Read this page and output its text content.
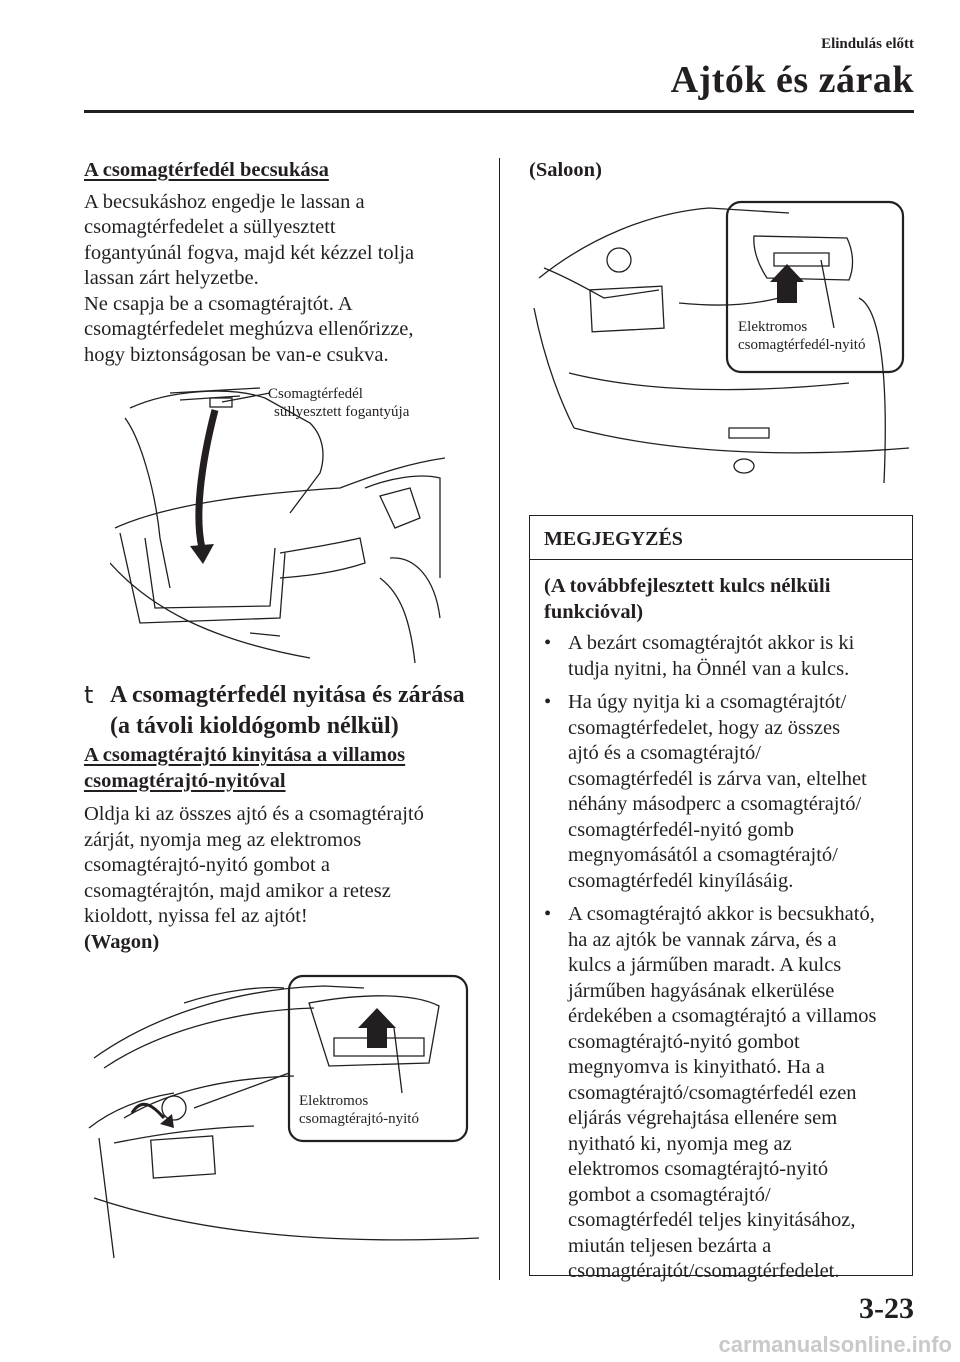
Elindulás előtt
Ajtók és zárak
A csomagtérfedél becsukása
A becsukáshoz engedje le lassan a
csomagtérfedelet a süllyesztett
fogantyúnál fogva, majd két kézzel tolja
lassan zárt helyzetbe.
Ne csapja be a csomagtérajtót. A
csomagtérfedelet meghúzva ellenőrizze,
hogy biztonságosan be van-e csukva.
Csomagtérfedél
süllyesztett fogantyúja
t A csomagtérfedél nyitása és zárása
(a távoli kioldógomb nélkül)
A csomagtérajtó kinyitása a villamos
csomagtérajtó-nyitóval
Oldja ki az összes ajtó és a csomagtérajtó
zárját, nyomja meg az elektromos
csomagtérajtó-nyitó gombot a
csomagtérajtón, majd amikor a retesz
kioldott, nyissa fel az ajtót!
(Wagon)
Elektromos
csomagtérajtó-nyitó
(Saloon)
Elektromos
csomagtérfedél-nyitó
MEGJEGYZÉS
(A továbbfejlesztett kulcs nélküli
funkcióval)
• A bezárt csomagtérajtót akkor is ki
tudja nyitni, ha Önnél van a kulcs.
• Ha úgy nyitja ki a csomagtérajtót/
csomagtérfedelet, hogy az összes
ajtó és a csomagtérajtó/
csomagtérfedél is zárva van, eltelhet
néhány másodperc a csomagtérajtó/
csomagtérfedél-nyitó gomb
megnyomásától a csomagtérajtó/
csomagtérfedél kinyílásáig.
• A csomagtérajtó akkor is becsukható,
ha az ajtók be vannak zárva, és a
kulcs a járműben maradt. A kulcs
járműben hagyásának elkerülése
érdekében a csomagtérajtó a villamos
csomagtérajtó-nyitó gombot
megnyomva is kinyitható. Ha a
csomagtérajtó/csomagtérfedél ezen
eljárás végrehajtása ellenére sem
nyitható ki, nyomja meg az
elektromos csomagtérajtó-nyitó
gombot a csomagtérajtó/
csomagtérfedél teljes kinyitásához,
miután teljesen bezárta a
csomagtérajtót/csomagtérfedelet.
3-23
carmanualsonline.info
